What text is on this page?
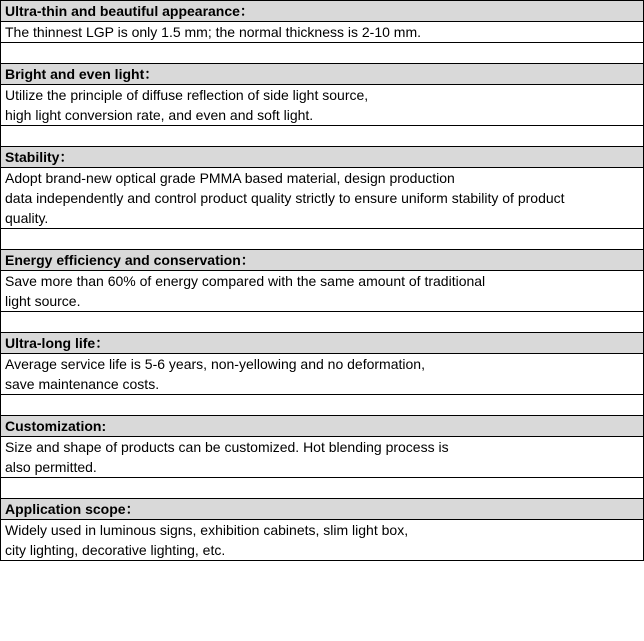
Ultra-thin and beautiful appearance：

The thinnest LGP is only 1.5 mm; the normal thickness is 2-10 mm.

Bright and even light：

Utilize the principle of diffuse reflection of side light source,
high light conversion rate, and even and soft light.

Stability：

Adopt brand-new optical grade PMMA based material, design production
data independently and control product quality strictly to ensure uniform stability of product
quality.

Energy efficiency and conservation：

Save more than 60% of energy compared with the same amount of traditional
light source.

Ultra-long life：

Average service life is 5-6 years, non-yellowing and no deformation,
save maintenance costs.

Customization:

Size and shape of products can be customized. Hot blending process is
also permitted.

Application scope：

Widely used in luminous signs, exhibition cabinets, slim light box,
city lighting, decorative lighting, etc.
